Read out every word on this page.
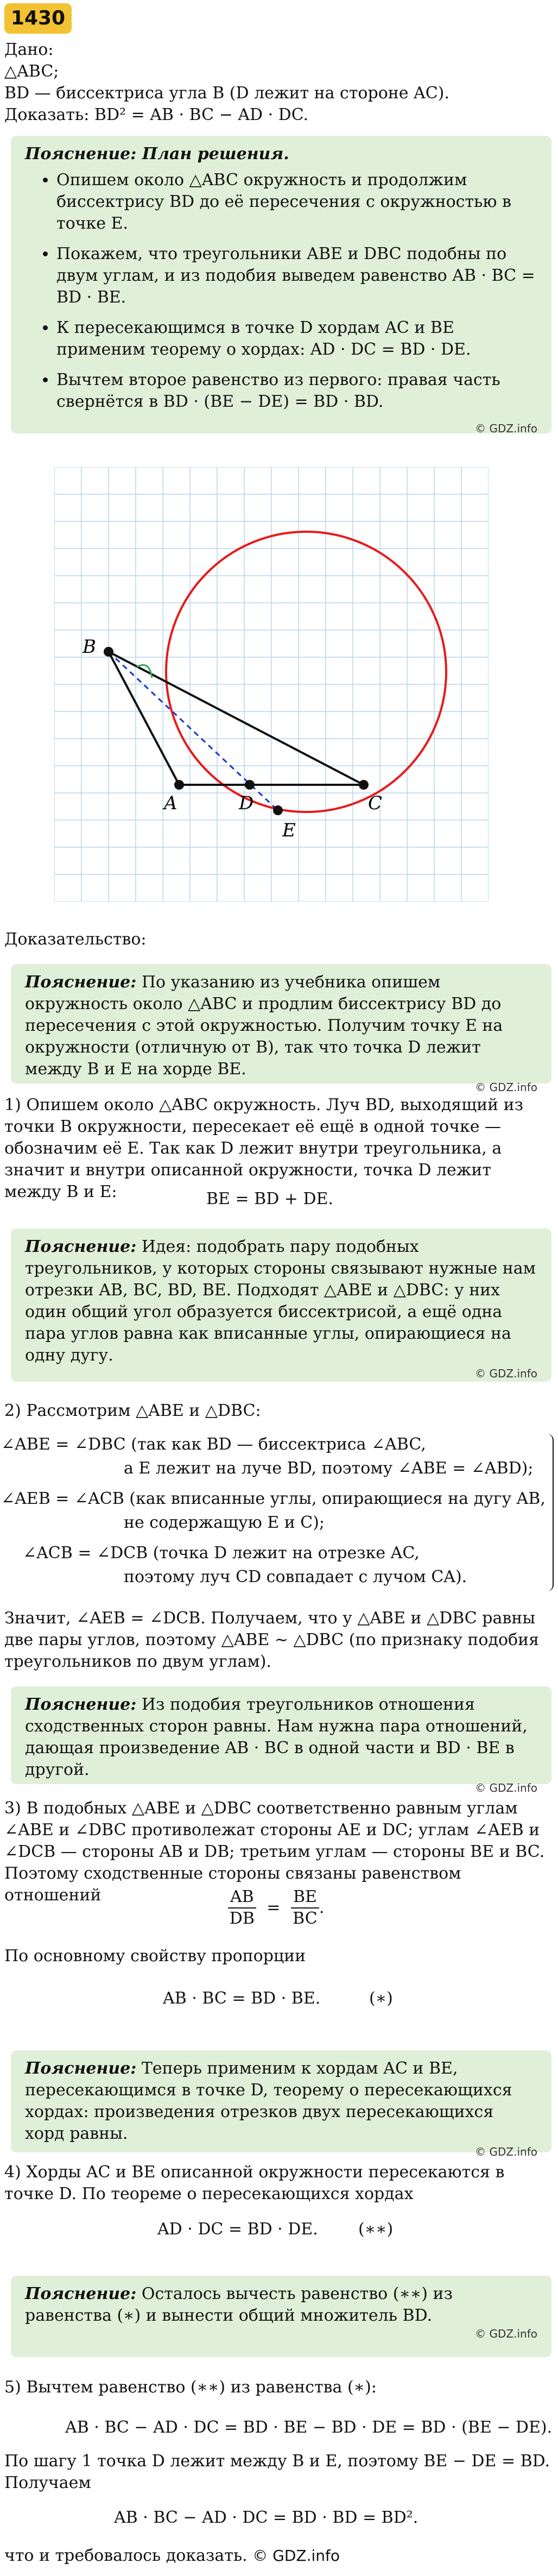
1430
Дано:
△ABC;
BD — биссектриса угла B (D лежит на стороне AC).
Доказать: BD² = AB · BC − AD · DC.
Пояснение: План решения.
• Опишем около △ABC окружность и продолжим биссектрису BD до её пересечения с окружностью в точке E.
• Покажем, что треугольники ABE и DBC подобны по двум углам, и из подобия выведем равенство AB · BC = BD · BE.
• К пересекающимся в точке D хордам AC и BE применим теорему о хордах: AD · DC = BD · DE.
• Вычтем второе равенство из первого: правая часть свернётся в BD · (BE − DE) = BD · BD.
© GDZ.info
B
A	D	C
E
Доказательство:
Пояснение: По указанию из учебника опишем окружность около △ABC и продлим биссектрису BD до пересечения с этой окружностью. Получим точку E на окружности (отличную от B), так что точка D лежит между B и E на хорде BE.
© GDZ.info
1) Опишем около △ABC окружность. Луч BD, выходящий из точки B окружности, пересекает её ещё в одной точке — обозначим её E. Так как D лежит внутри треугольника, а значит и внутри описанной окружности, точка D лежит между B и E:	BE = BD + DE.
Пояснение: Идея: подобрать пару подобных треугольников, у которых стороны связывают нужные нам отрезки AB, BC, BD, BE. Подходят △ABE и △DBC: у них один общий угол образуется биссектрисой, а ещё одна пара углов равна как вписанные углы, опирающиеся на одну дугу.
© GDZ.info
2) Рассмотрим △ABE и △DBC:
∠ABE = ∠DBC (так как BD — биссектриса ∠ABC,
а E лежит на луче BD, поэтому ∠ABE = ∠ABD);
∠AEB = ∠ACB (как вписанные углы, опирающиеся на дугу AB,
не содержащую E и C);
∠ACB = ∠DCB (точка D лежит на отрезке AC,
поэтому луч CD совпадает с лучом CA).
Значит, ∠AEB = ∠DCB. Получаем, что у △ABE и △DBC равны две пары углов, поэтому △ABE ∼ △DBC (по признаку подобия треугольников по двум углам).
Пояснение: Из подобия треугольников отношения сходственных сторон равны. Нам нужна пара отношений, дающая произведение AB · BC в одной части и BD · BE в другой.
© GDZ.info
3) В подобных △ABE и △DBC соответственно равным углам ∠ABE и ∠DBC противолежат стороны AE и DC; углам ∠AEB и ∠DCB — стороны AB и DB; третьим углам — стороны BE и BC. Поэтому сходственные стороны связаны равенством отношений	$\frac{AB}{DB} = \frac{BE}{BC}$ .
По основному свойству пропорции
AB · BC = BD · BE.	(∗)
Пояснение: Теперь применим к хордам AC и BE, пересекающимся в точке D, теорему о пересекающихся хордах: произведения отрезков двух пересекающихся хорд равны.
© GDZ.info
4) Хорды AC и BE описанной окружности пересекаются в точке D. По теореме о пересекающихся хордах
AD · DC = BD · DE. (∗∗)
Пояснение: Осталось вычесть равенство (∗∗) из равенства (∗) и вынести общий множитель BD.
© GDZ.info
5) Вычтем равенство (∗∗) из равенства (∗):
AB · BC − AD · DC = BD · BE − BD · DE = BD · (BE − DE).
По шагу 1 точка D лежит между B и E, поэтому BE − DE = BD. Получаем
AB · BC − AD · DC = BD · BD = BD².
что и требовалось доказать. © GDZ.info
